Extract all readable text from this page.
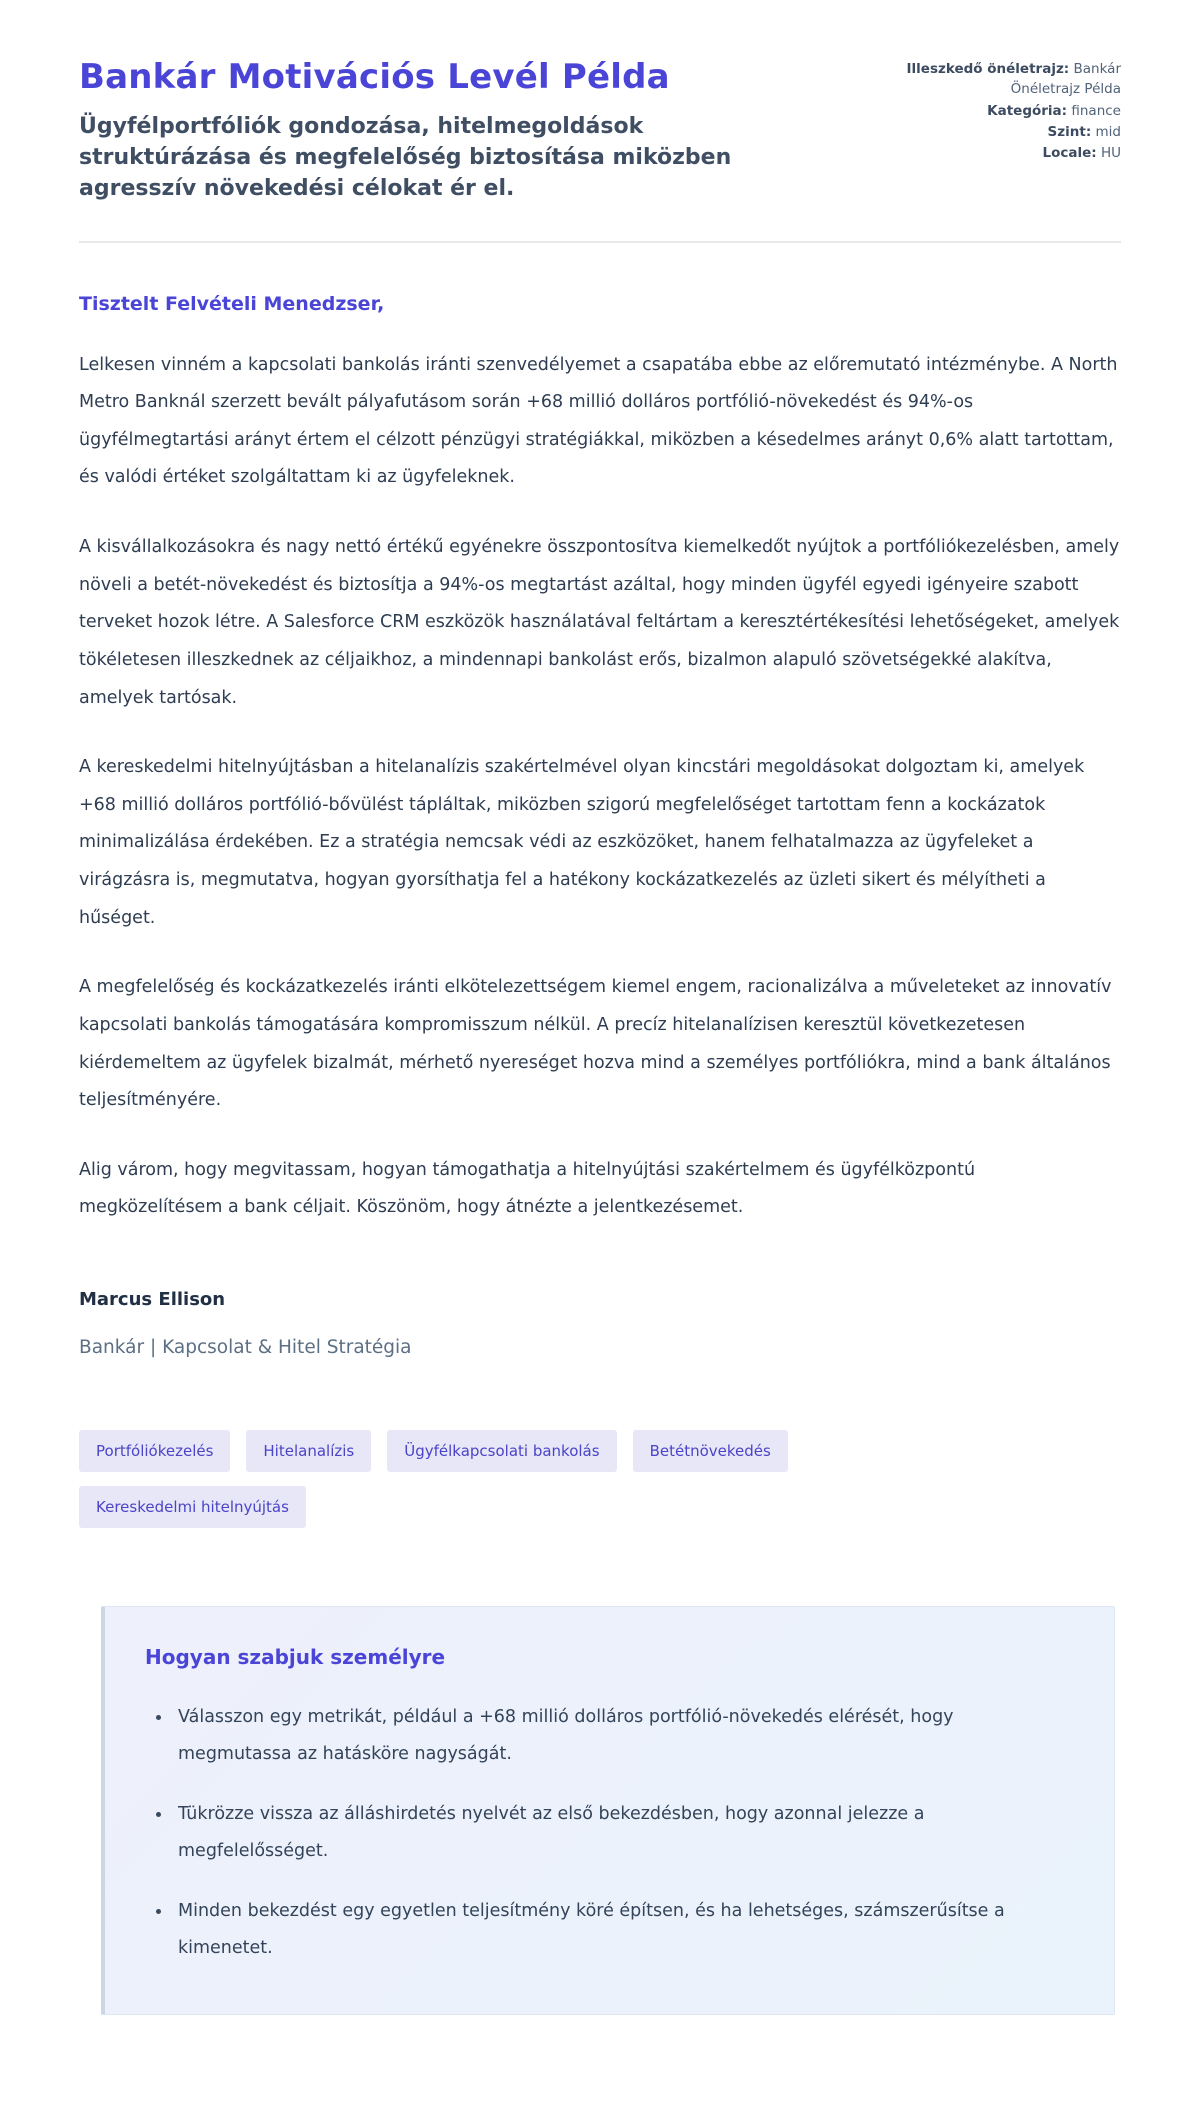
Bankár Motivációs Levél Példa
Ügyfélportfóliók gondozása, hitelmegoldások struktúrázása és megfelelőség biztosítása miközben agresszív növekedési célokat ér el.
Illeszkedő önéletrajz: Bankár Önéletrajz Példa
Kategória: finance
Szint: mid
Locale: HU
Tisztelt Felvételi Menedzser,

Lelkesen vinném a kapcsolati bankolás iránti szenvedélyemet a csapatába ebbe az előremutató intézménybe. A North Metro Banknál szerzett bevált pályafutásom során +68 millió dolláros portfólió-növekedést és 94%-os ügyfélmegtartási arányt értem el célzott pénzügyi stratégiákkal, miközben a késedelmes arányt 0,6% alatt tartottam, és valódi értéket szolgáltattam ki az ügyfeleknek.

A kisvállalkozásokra és nagy nettó értékű egyénekre összpontosítva kiemelkedőt nyújtok a portfóliókezelésben, amely növeli a betét-növekedést és biztosítja a 94%-os megtartást azáltal, hogy minden ügyfél egyedi igényeire szabott terveket hozok létre. A Salesforce CRM eszközök használatával feltártam a keresztértékesítési lehetőségeket, amelyek tökéletesen illeszkednek az céljaikhoz, a mindennapi bankolást erős, bizalmon alapuló szövetségekké alakítva, amelyek tartósak.

A kereskedelmi hitelnyújtásban a hitelanalízis szakértelmével olyan kincstári megoldásokat dolgoztam ki, amelyek +68 millió dolláros portfólió-bővülést tápláltak, miközben szigorú megfelelőséget tartottam fenn a kockázatok minimalizálása érdekében. Ez a stratégia nemcsak védi az eszközöket, hanem felhatalmazza az ügyfeleket a virágzásra is, megmutatva, hogyan gyorsíthatja fel a hatékony kockázatkezelés az üzleti sikert és mélyítheti a hűséget.

A megfelelőség és kockázatkezelés iránti elkötelezettségem kiemel engem, racionalizálva a műveleteket az innovatív kapcsolati bankolás támogatására kompromisszum nélkül. A precíz hitelanalízisen keresztül következetesen kiérdemeltem az ügyfelek bizalmát, mérhető nyereséget hozva mind a személyes portfóliókra, mind a bank általános teljesítményére.

Alig várom, hogy megvitassam, hogyan támogathatja a hitelnyújtási szakértelmem és ügyfélközpontú megközelítésem a bank céljait. Köszönöm, hogy átnézte a jelentkezésemet.

Marcus Ellison
Bankár | Kapcsolat & Hitel Stratégia
Portfóliókezelés	Hitelanalízis	Ügyfélkapcsolati bankolás	Betétnövekedés
Kereskedelmi hitelnyújtás
Hogyan szabjuk személyre
• Válasszon egy metrikát, például a +68 millió dolláros portfólió-növekedés elérését, hogy megmutassa az hatásköre nagyságát.
• Tükrözze vissza az álláshirdetés nyelvét az első bekezdésben, hogy azonnal jelezze a megfelelősséget.
• Minden bekezdést egy egyetlen teljesítmény köré építsen, és ha lehetséges, számszerűsítse a kimenetet.
